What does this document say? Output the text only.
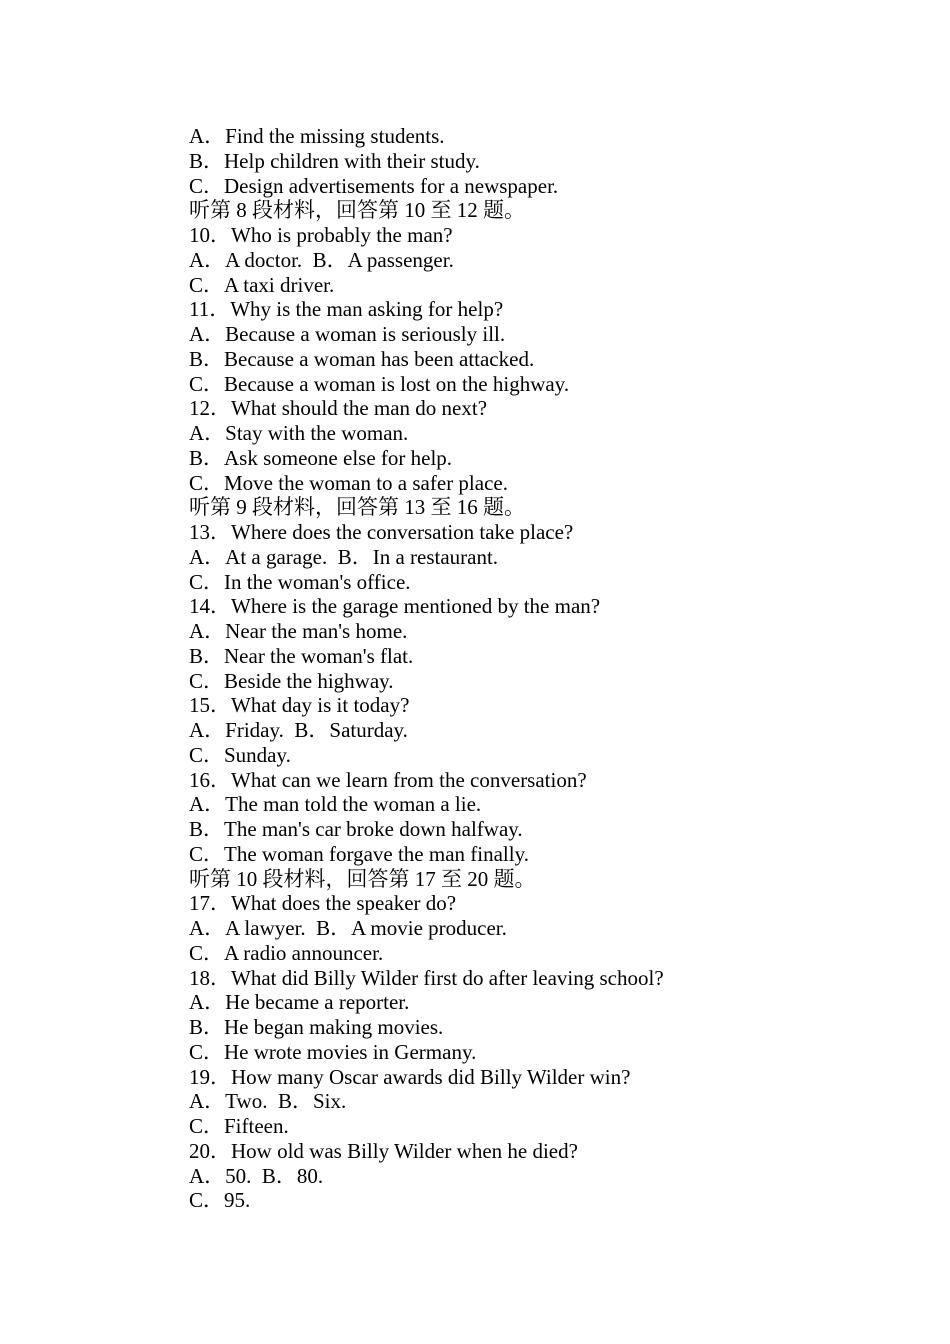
A．Find the missing students.
B．Help children with their study.
C．Design advertisements for a newspaper.
听第 8 段材料，回答第 10 至 12 题。
10．Who is probably the man?
A．A doctor.  B．A passenger.
C．A taxi driver.
11．Why is the man asking for help?
A．Because a woman is seriously ill.
B．Because a woman has been attacked.
C．Because a woman is lost on the highway.
12．What should the man do next?
A．Stay with the woman.
B．Ask someone else for help.
C．Move the woman to a safer place.
听第 9 段材料，回答第 13 至 16 题。
13．Where does the conversation take place?
A．At a garage.  B．In a restaurant.
C．In the woman's office.
14．Where is the garage mentioned by the man?
A．Near the man's home.
B．Near the woman's flat.
C．Beside the highway.
15．What day is it today?
A．Friday.  B．Saturday.
C．Sunday.
16．What can we learn from the conversation?
A．The man told the woman a lie.
B．The man's car broke down halfway.
C．The woman forgave the man finally.
听第 10 段材料，回答第 17 至 20 题。
17．What does the speaker do?
A．A lawyer.  B．A movie producer.
C．A radio announcer.
18．What did Billy Wilder first do after leaving school?
A．He became a reporter.
B．He began making movies.
C．He wrote movies in Germany.
19．How many Oscar awards did Billy Wilder win?
A．Two.  B．Six.
C．Fifteen.
20．How old was Billy Wilder when he died?
A．50.  B．80.
C．95.
